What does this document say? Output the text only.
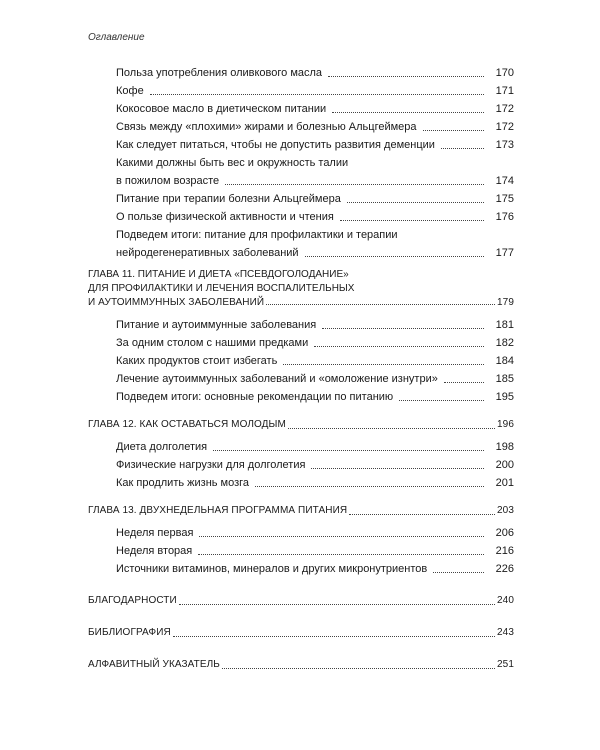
Оглавление
Польза употребления оливкового масла	170
Кофе	171
Кокосовое масло в диетическом питании	172
Связь между «плохими» жирами и болезнью Альцгеймера	172
Как следует питаться, чтобы не допустить развития деменции	173
Какими должны быть вес и окружность талии
в пожилом возрасте	174
Питание при терапии болезни Альцгеймера	175
О пользе физической активности и чтения	176
Подведем итоги: питание для профилактики и терапии
нейродегенеративных заболеваний	177
ГЛАВА 11. ПИТАНИЕ И ДИЕТА «ПСЕВДОГОЛОДАНИЕ»
ДЛЯ ПРОФИЛАКТИКИ И ЛЕЧЕНИЯ ВОСПАЛИТЕЛЬНЫХ
И АУТОИММУННЫХ ЗАБОЛЕВАНИЙ	179
Питание и аутоиммунные заболевания	181
За одним столом с нашими предками	182
Каких продуктов стоит избегать	184
Лечение аутоиммунных заболеваний и «омоложение изнутри»	185
Подведем итоги: основные рекомендации по питанию	195
ГЛАВА 12. КАК ОСТАВАТЬСЯ МОЛОДЫМ	196
Диета долголетия	198
Физические нагрузки для долголетия	200
Как продлить жизнь мозга	201
ГЛАВА 13. ДВУХНЕДЕЛЬНАЯ ПРОГРАММА ПИТАНИЯ	203
Неделя первая	206
Неделя вторая	216
Источники витаминов, минералов и других микронутриентов	226
БЛАГОДАРНОСТИ	240
БИБЛИОГРАФИЯ	243
АЛФАВИТНЫЙ УКАЗАТЕЛЬ	251
